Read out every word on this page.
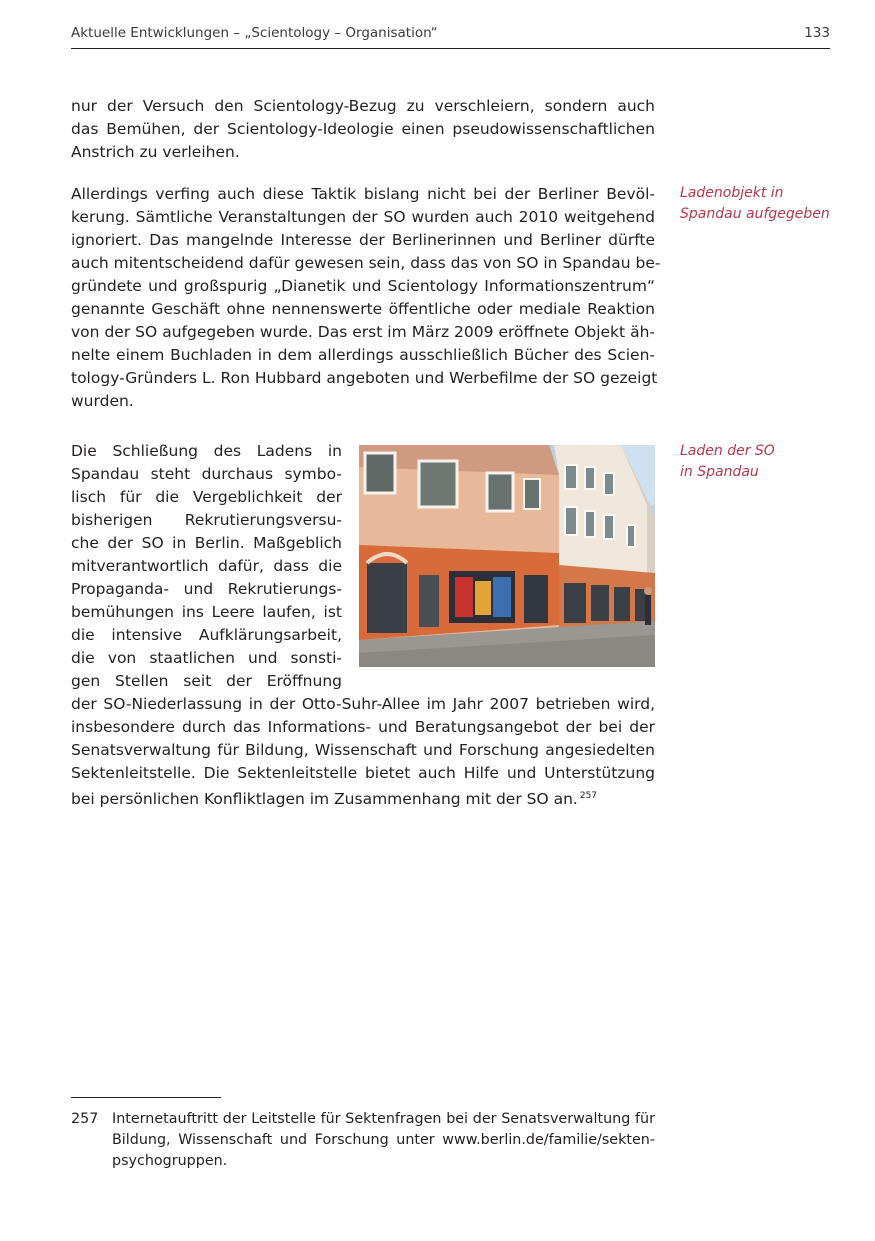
Aktuelle Entwicklungen – „Scientology – Organisation“	133
nur der Versuch den Scientology-Bezug zu verschleiern, sondern auch
das Bemühen, der Scientology-Ideologie einen pseudowissenschaftlichen
Anstrich zu verleihen.
Allerdings verfing auch diese Taktik bislang nicht bei der Berliner Bevöl-
kerung. Sämtliche Veranstaltungen der SO wurden auch 2010 weitgehend
ignoriert. Das mangelnde Interesse der Berlinerinnen und Berliner dürfte
auch mitentscheidend dafür gewesen sein, dass das von SO in Spandau be-
gründete und großspurig „Dianetik und Scientology Informationszentrum“
genannte Geschäft ohne nennenswerte öffentliche oder mediale Reaktion
von der SO aufgegeben wurde. Das erst im März 2009 eröffnete Objekt äh-
nelte einem Buchladen in dem allerdings ausschließlich Bücher des Scien-
tology-Gründers L. Ron Hubbard angeboten und Werbefilme der SO gezeigt
wurden.
Die Schließung des Ladens in
Spandau steht durchaus symbo-
lisch für die Vergeblichkeit der
bisherigen Rekrutierungsversu-
che der SO in Berlin. Maßgeblich
mitverantwortlich dafür, dass die
Propaganda- und Rekrutierungs-
bemühungen ins Leere laufen, ist
die intensive Aufklärungsarbeit,
die von staatlichen und sonsti-
gen Stellen seit der Eröffnung
der SO-Niederlassung in der Otto-Suhr-Allee im Jahr 2007 betrieben wird,
insbesondere durch das Informations- und Beratungsangebot der bei der
Senatsverwaltung für Bildung, Wissenschaft und Forschung angesiedelten
Sektenleitstelle. Die Sektenleitstelle bietet auch Hilfe und Unterstützung
bei persönlichen Konfliktlagen im Zusammenhang mit der SO an. $^{257}$
Ladenobjekt in
Spandau aufgegeben
Laden der SO
in Spandau
257 Internetauftritt der Leitstelle für Sektenfragen bei der Senatsverwaltung für
Bildung, Wissenschaft und Forschung unter www.berlin.de/familie/sekten-
psychogruppen.
